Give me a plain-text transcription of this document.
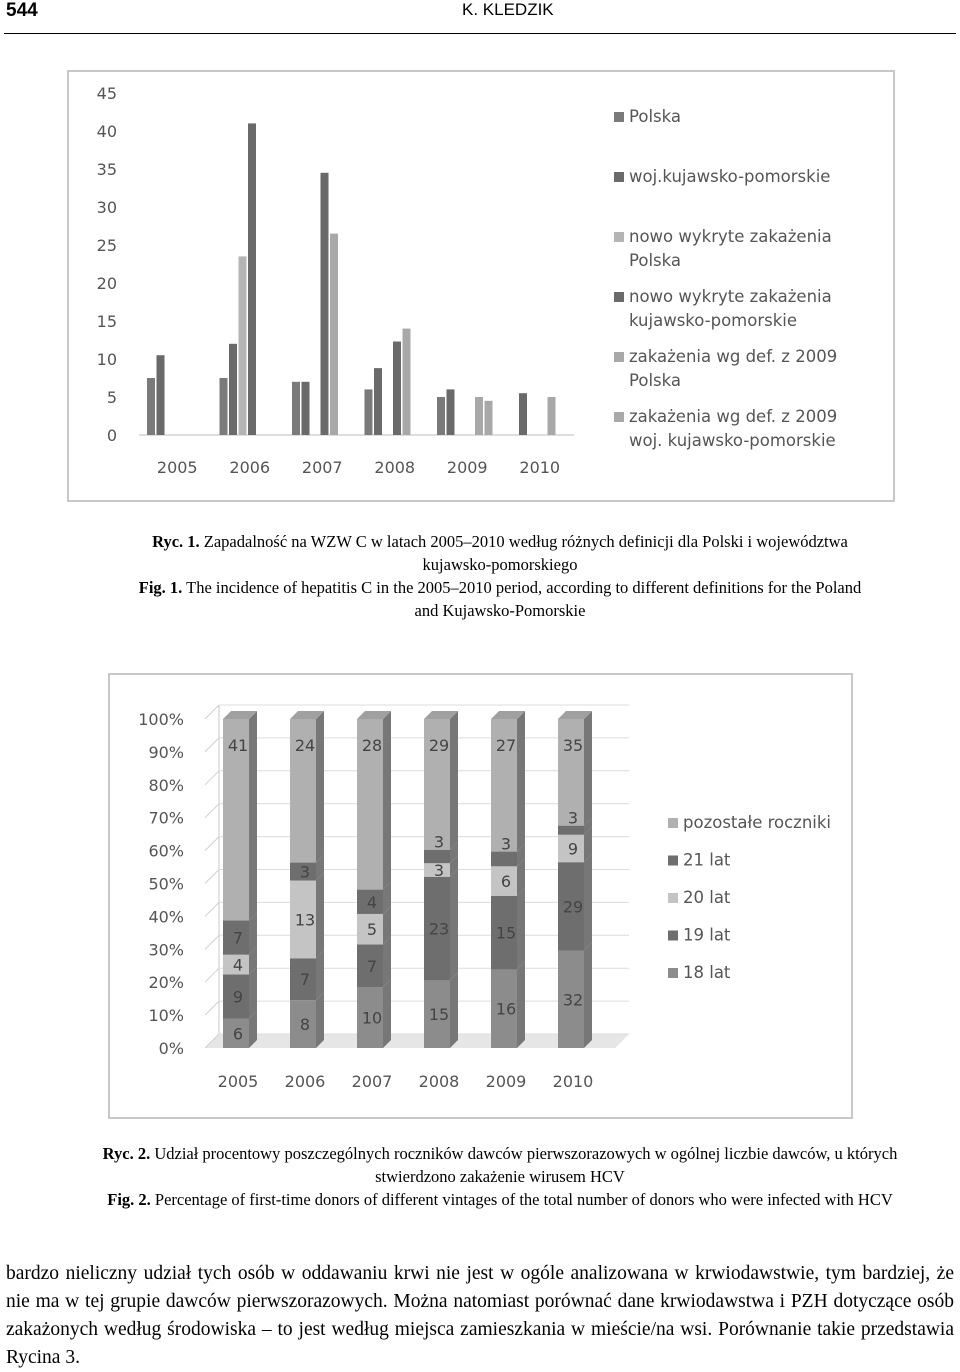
544	K. KLEDZIK
0
5
10
15
20
25
30
35
40
45
2005 2006 2007 2008 2009 2010
Polska
woj.kujawsko-pomorskie
nowo wykryte zakażenia
Polska
nowo wykryte zakażenia
kujawsko-pomorskie
zakażenia wg def. z 2009
Polska
zakażenia wg def. z 2009
woj. kujawsko-pomorskie
Ryc. 1. Zapadalność na WZW C w latach 2005–2010 według różnych definicji dla Polski i województwa
kujawsko-pomorskiego
Fig. 1. The incidence of hepatitis C in the 2005–2010 period, according to different definitions for the Poland
and Kujawsko-Pomorskie
0%
10%
20%
30%
40%
50%
60%
70%
80%
90%
100%
2005 2006 2007 2008 2009 2010
6
9
4
7
41
8
7
13
3
24
10
7
5
4
28
15
23
3
3
29
16
15
6
3
27
32
29
9
3
35
pozostałe roczniki
21 lat
20 lat
19 lat
18 lat
Ryc. 2. Udział procentowy poszczególnych roczników dawców pierwszorazowych w ogólnej liczbie dawców, u których
stwierdzono zakażenie wirusem HCV
Fig. 2. Percentage of first-time donors of different vintages of the total number of donors who were infected with HCV

bardzo nieliczny udział tych osób w oddawaniu krwi nie jest w ogóle analizowana w krwiodawstwie, tym bardziej, że nie ma w tej grupie dawców pierwszorazowych. Można natomiast porównać dane krwiodawstwa i PZH dotyczące osób zakażonych według środowiska – to jest według miejsca zamieszkania w mieście/na wsi. Porównanie takie przedstawia Rycina 3.
